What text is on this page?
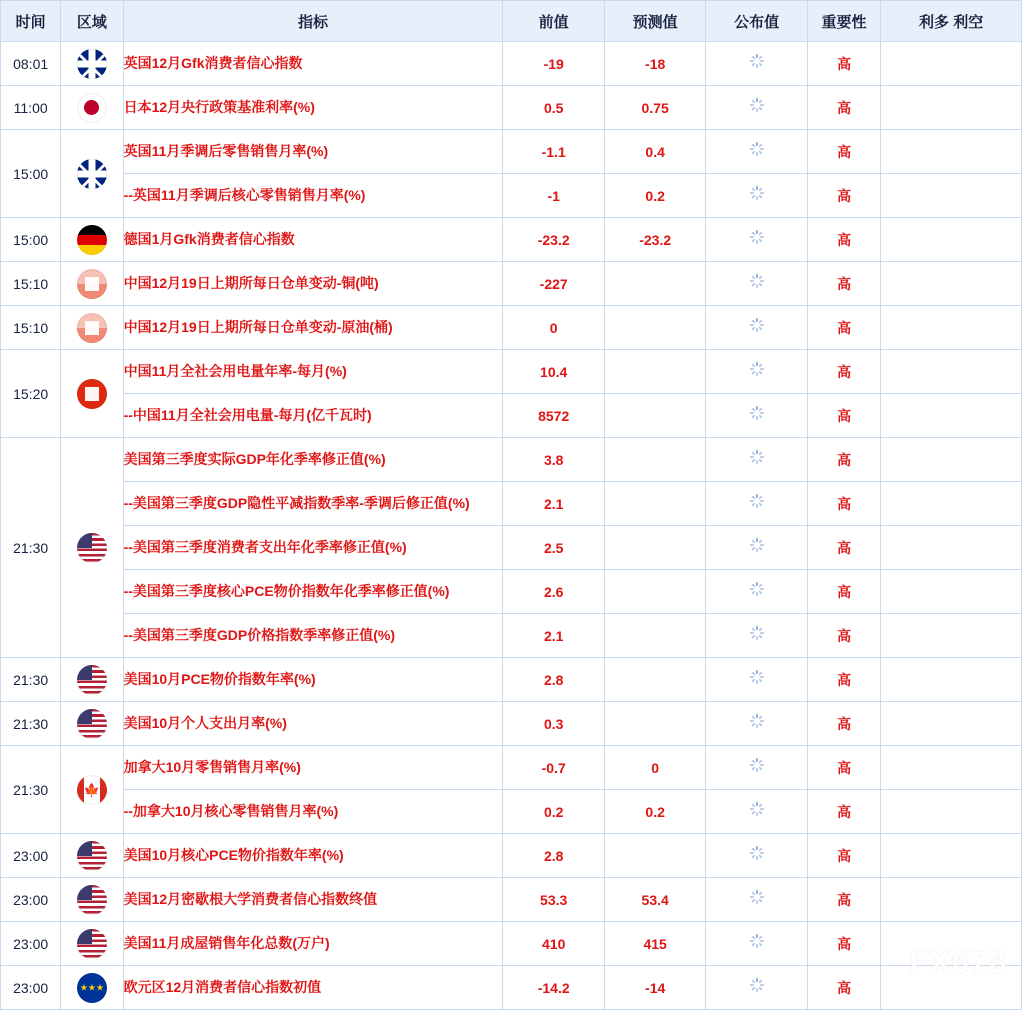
时间	区域	指标	前值	预测值	公布值	重要性	利多 利空
08:01		英国12月Gfk消费者信心指数	-19	-18		高	
11:00		日本12月央行政策基准利率(%)	0.5	0.75		高	
15:00		英国11月季调后零售销售月率(%)	-1.1	0.4		高	
		--英国11月季调后核心零售销售月率(%)	-1	0.2		高	
15:00		德国1月Gfk消费者信心指数	-23.2	-23.2		高	
15:10		中国12月19日上期所每日仓单变动-铜(吨)	-227			高	
15:10		中国12月19日上期所每日仓单变动-原油(桶)	0			高	
15:20		中国11月全社会用电量年率-每月(%)	10.4			高	
		--中国11月全社会用电量-每月(亿千瓦时)	8572			高	
21:30		美国第三季度实际GDP年化季率修正值(%)	3.8			高	
		--美国第三季度GDP隐性平减指数季率-季调后修正值(%)	2.1			高	
		--美国第三季度消费者支出年化季率修正值(%)	2.5			高	
		--美国第三季度核心PCE物价指数年化季率修正值(%)	2.6			高	
		--美国第三季度GDP价格指数季率修正值(%)	2.1			高	
21:30		美国10月PCE物价指数年率(%)	2.8			高	
21:30		美国10月个人支出月率(%)	0.3			高	
21:30	🍁	加拿大10月零售销售月率(%)	-0.7	0		高	
		--加拿大10月核心零售销售月率(%)	0.2	0.2		高	
23:00		美国10月核心PCE物价指数年率(%)	2.8			高	
23:00		美国12月密歇根大学消费者信心指数终值	53.3	53.4		高	
23:00		美国11月成屋销售年化总数(万户)	410	415		高	
23:00	★★★	欧元区12月消费者信心指数初值	-14.2	-14		高	
FX678
